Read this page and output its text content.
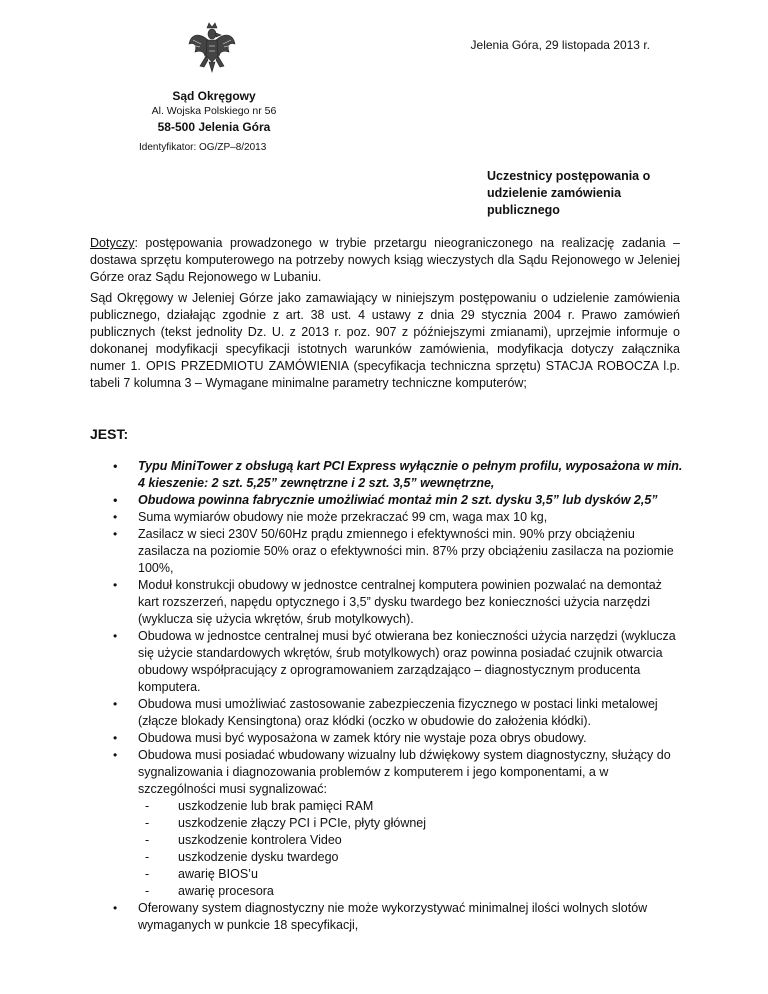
Jelenia Góra, 29 listopada 2013 r.
Sąd Okręgowy
Al. Wojska Polskiego nr 56
58-500 Jelenia Góra
Identyfikator: OG/ZP–8/2013
Uczestnicy postępowania o udzielenie zamówienia publicznego
Dotyczy: postępowania prowadzonego w trybie przetargu nieograniczonego na realizację zadania – dostawa sprzętu komputerowego na potrzeby nowych ksiąg wieczystych dla Sądu Rejonowego w Jeleniej Górze oraz Sądu Rejonowego w Lubaniu.
Sąd Okręgowy w Jeleniej Górze jako zamawiający w niniejszym postępowaniu o udzielenie zamówienia publicznego, działając zgodnie z art. 38 ust. 4 ustawy z dnia 29 stycznia 2004 r. Prawo zamówień publicznych (tekst jednolity Dz. U. z 2013 r. poz. 907 z późniejszymi zmianami), uprzejmie informuje o dokonanej modyfikacji specyfikacji istotnych warunków zamówienia, modyfikacja dotyczy załącznika numer 1. OPIS PRZEDMIOTU ZAMÓWIENIA (specyfikacja techniczna sprzętu) STACJA ROBOCZA l.p. tabeli 7 kolumna 3 – Wymagane minimalne parametry techniczne komputerów;
JEST:
• Typu MiniTower z obsługą kart PCI Express wyłącznie o pełnym profilu, wyposażona w min. 4 kieszenie: 2 szt. 5,25” zewnętrzne i 2 szt. 3,5” wewnętrzne,
• Obudowa powinna fabrycznie umożliwiać montaż min 2 szt. dysku 3,5” lub dysków 2,5”
• Suma wymiarów obudowy nie może przekraczać 99 cm, waga max 10 kg,
• Zasilacz w sieci 230V 50/60Hz prądu zmiennego i efektywności min. 90% przy obciążeniu zasilacza na poziomie 50% oraz o efektywności min. 87% przy obciążeniu zasilacza na poziomie 100%,
• Moduł konstrukcji obudowy w jednostce centralnej komputera powinien pozwalać na demontaż kart rozszerzeń, napędu optycznego i 3,5” dysku twardego bez konieczności użycia narzędzi (wyklucza się użycia wkrętów, śrub motylkowych).
• Obudowa w jednostce centralnej musi być otwierana bez konieczności użycia narzędzi (wyklucza się użycie standardowych wkrętów, śrub motylkowych) oraz powinna posiadać czujnik otwarcia obudowy współpracujący z oprogramowaniem zarządzająco – diagnostycznym producenta komputera.
• Obudowa musi umożliwiać zastosowanie zabezpieczenia fizycznego w postaci linki metalowej (złącze blokady Kensingtona) oraz kłódki (oczko w obudowie do założenia kłódki).
• Obudowa musi być wyposażona w zamek który nie wystaje poza obrys obudowy.
• Obudowa musi posiadać wbudowany wizualny lub dźwiękowy system diagnostyczny, służący do sygnalizowania i diagnozowania problemów z komputerem i jego komponentami, a w szczególności musi sygnalizować:
- uszkodzenie lub brak pamięci RAM
- uszkodzenie złączy PCI i PCIe, płyty głównej
- uszkodzenie kontrolera Video
- uszkodzenie dysku twardego
- awarię BIOS’u
- awarię procesora
• Oferowany system diagnostyczny nie może wykorzystywać minimalnej ilości wolnych slotów wymaganych w punkcie 18 specyfikacji,
